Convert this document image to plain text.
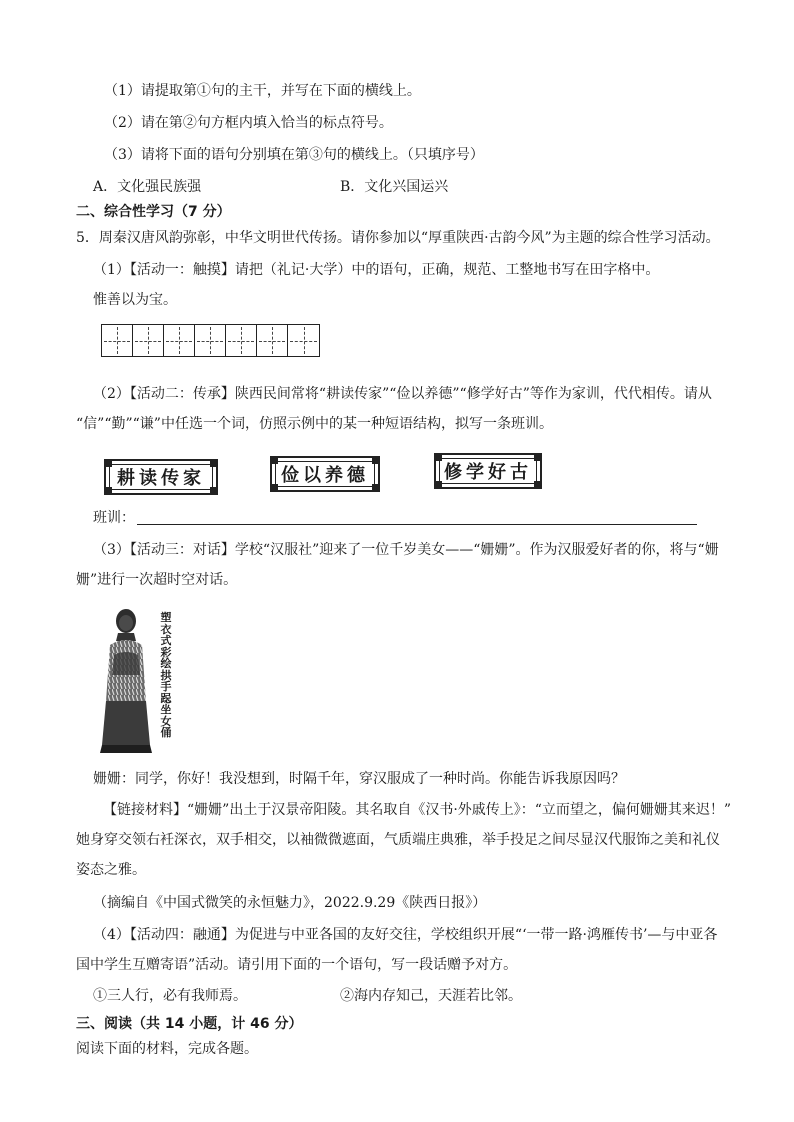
（1）请提取第①句的主干，并写在下面的横线上。
（2）请在第②句方框内填入恰当的标点符号。
（3）请将下面的语句分别填在第③句的横线上。（只填序号）
A．文化强民族强	B．文化兴国运兴
二、综合性学习（7 分）
5．周秦汉唐风韵弥彰，中华文明世代传扬。请你参加以“厚重陕西·古韵今风”为主题的综合性学习活动。
（1）【活动一：触摸】请把（礼记·大学）中的语句，正确，规范、工整地书写在田字格中。
惟善以为宝。
（2）【活动二：传承】陕西民间常将“耕读传家”“俭以养德”“修学好古”等作为家训，代代相传。请从
“信”“勤”“谦”中任选一个词，仿照示例中的某一种短语结构，拟写一条班训。
耕读传家	俭以养德	修学好古
班训：
（3）【活动三：对话】学校“汉服社”迎来了一位千岁美女——“姗姗”。作为汉服爱好者的你，将与“姗
姗”进行一次超时空对话。
塑衣式彩绘拱手跽坐女俑
姗姗：同学，你好！我没想到，时隔千年，穿汉服成了一种时尚。你能告诉我原因吗？
【链接材料】“姗姗”出土于汉景帝阳陵。其名取自《汉书·外戚传上》：“立而望之，偏何姗姗其来迟！”
她身穿交领右衽深衣，双手相交，以袖微微遮面，气质端庄典雅，举手投足之间尽显汉代服饰之美和礼仪
姿态之雅。
（摘编自《中国式微笑的永恒魅力》，2022.9.29《陕西日报》）
（4）【活动四：融通】为促进与中亚各国的友好交往，学校组织开展“‘一带一路·鸿雁传书’—与中亚各
国中学生互赠寄语”活动。请引用下面的一个语句，写一段话赠予对方。
①三人行，必有我师焉。	②海内存知己，天涯若比邻。
三、阅读（共 14 小题，计 46 分）
阅读下面的材料，完成各题。
